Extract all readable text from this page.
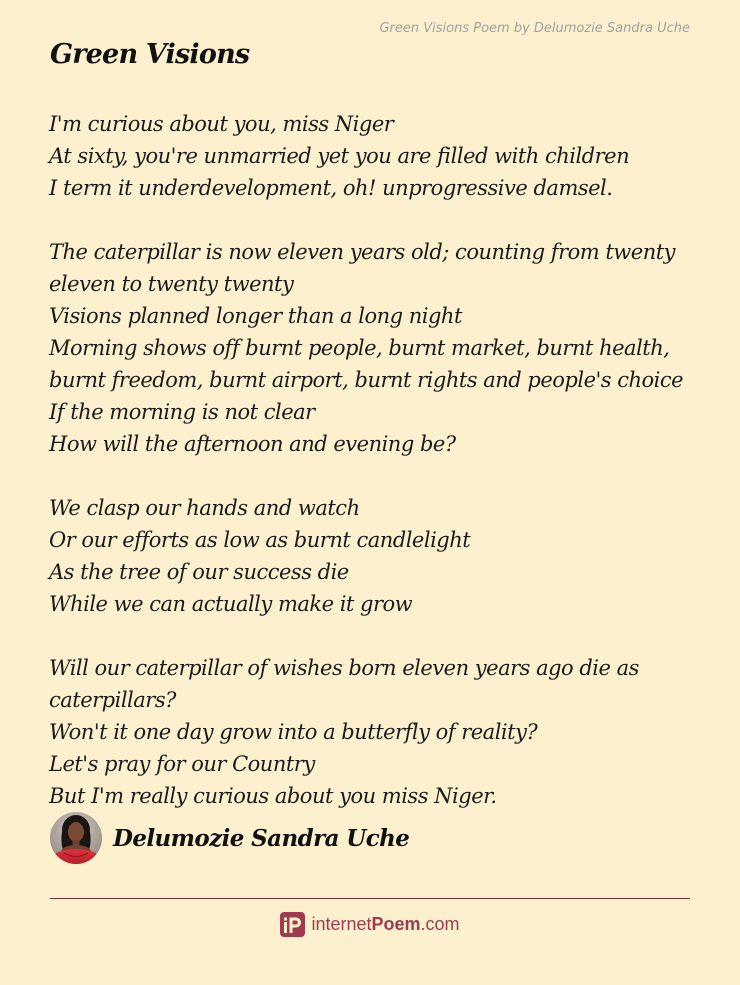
Green Visions Poem by Delumozie Sandra Uche
Green Visions
I'm curious about you, miss Niger
At sixty, you're unmarried yet you are filled with children
I term it underdevelopment, oh! unprogressive damsel.
The caterpillar is now eleven years old; counting from twenty eleven to twenty twenty
Visions planned longer than a long night
Morning shows off burnt people, burnt market, burnt health, burnt freedom, burnt airport, burnt rights and people's choice
If the morning is not clear
How will the afternoon and evening be?
We clasp our hands and watch
Or our efforts as low as burnt candlelight
As the tree of our success die
While we can actually make it grow
Will our caterpillar of wishes born eleven years ago die as caterpillars?
Won't it one day grow into a butterfly of reality?
Let's pray for our Country
But I'm really curious about you miss Niger.
Delumozie Sandra Uche
internetPoem.com
